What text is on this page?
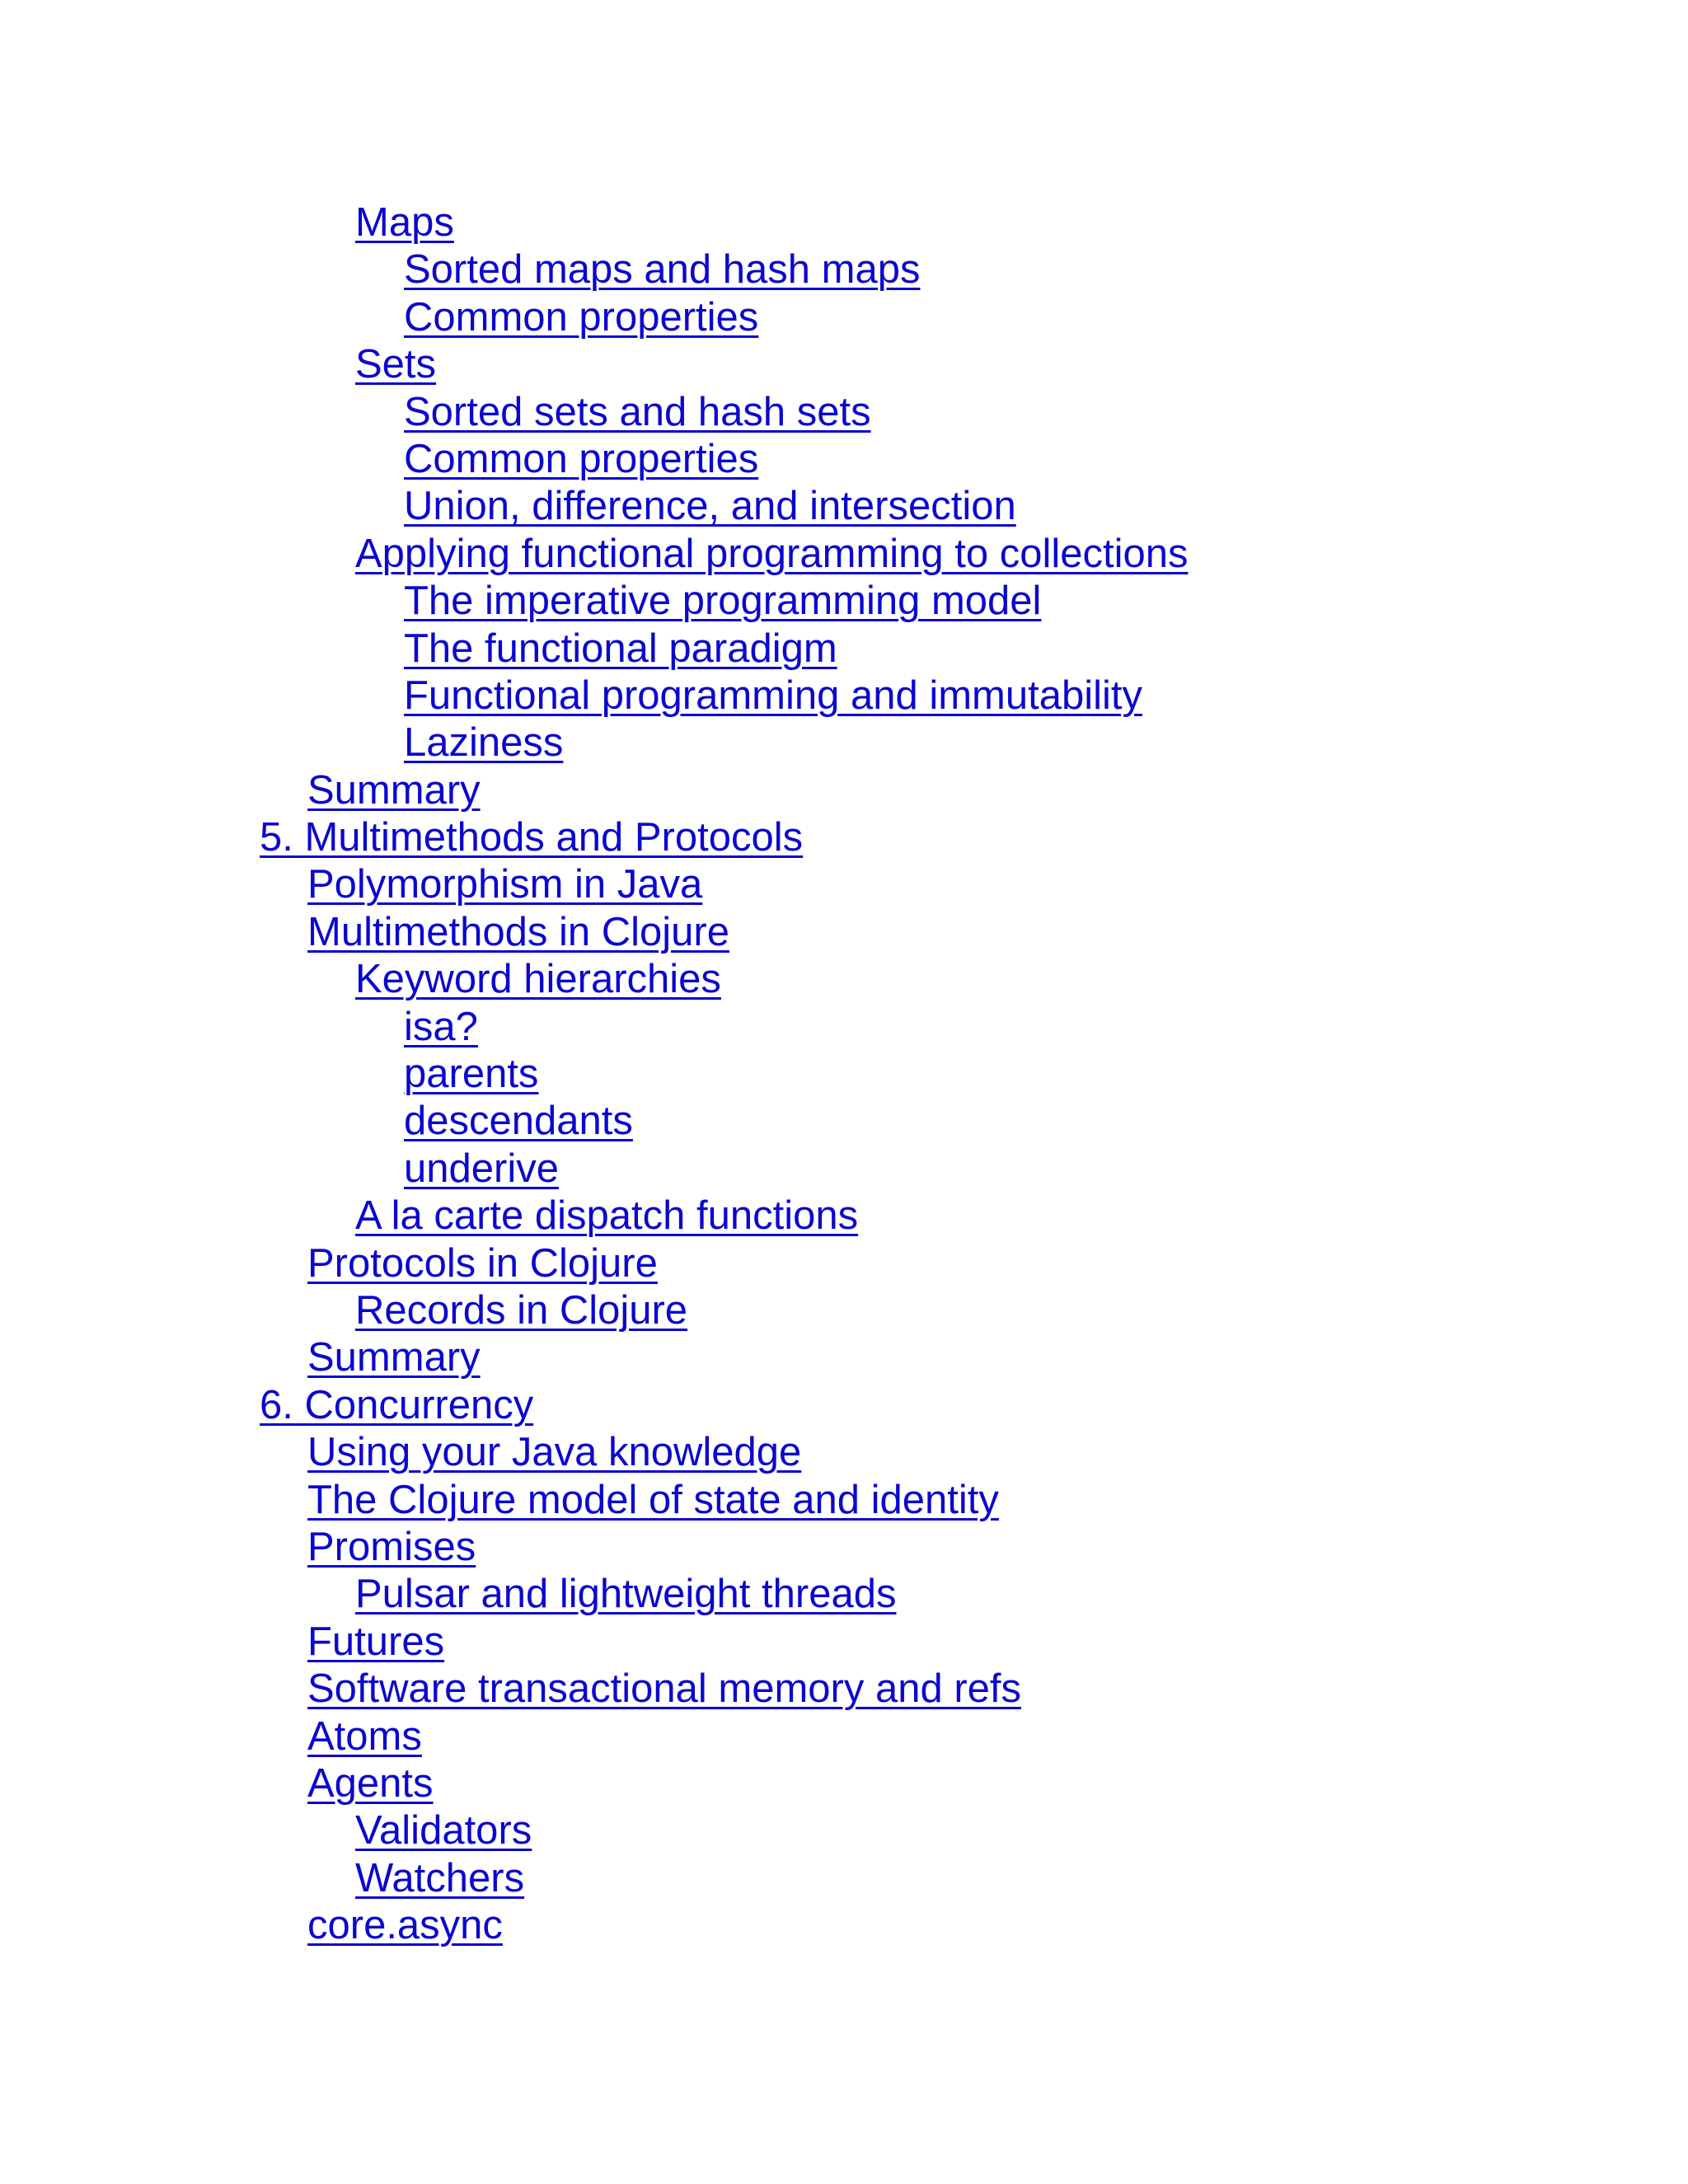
Maps
Sorted maps and hash maps
Common properties
Sets
Sorted sets and hash sets
Common properties
Union, difference, and intersection
Applying functional programming to collections
The imperative programming model
The functional paradigm
Functional programming and immutability
Laziness
Summary
5. Multimethods and Protocols
Polymorphism in Java
Multimethods in Clojure
Keyword hierarchies
isa?
parents
descendants
underive
A la carte dispatch functions
Protocols in Clojure
Records in Clojure
Summary
6. Concurrency
Using your Java knowledge
The Clojure model of state and identity
Promises
Pulsar and lightweight threads
Futures
Software transactional memory and refs
Atoms
Agents
Validators
Watchers
core.async
